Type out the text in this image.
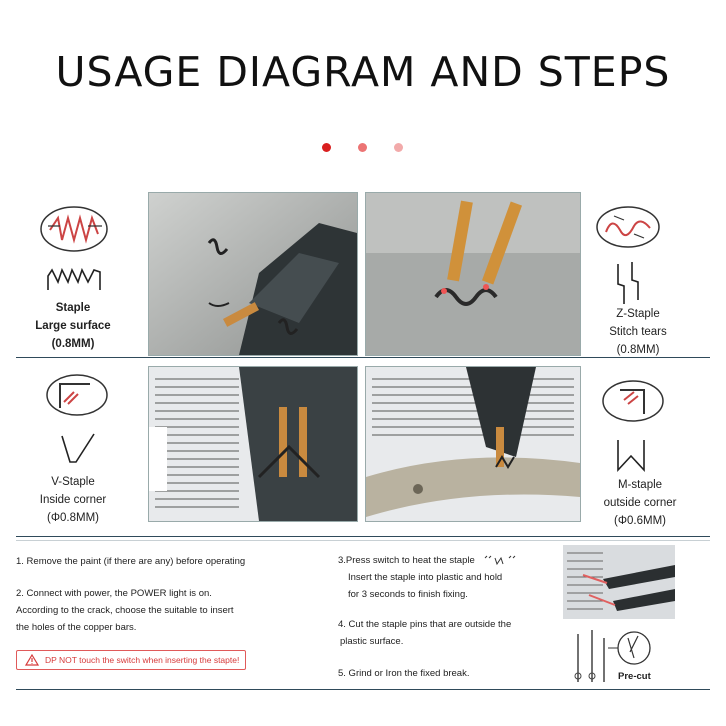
USAGE DIAGRAM AND STEPS
Staple
Large surface
(0.8MM)
Z-Staple
Stitch tears
(0.8MM)
V-Staple
Inside corner
(Φ0.8MM)
M-staple
outside corner
(Φ0.6MM)
1. Remove the paint (if there are any) before operating
2. Connect with power, the POWER light is on.
According to the crack, choose the suitable to insert
the holes of the copper bars.
DP NOT touch the switch when inserting the stapte!
3.Press switch to heat the staple
Insert the staple into plastic and hold
for 3 seconds to finish fixing.
4. Cut the staple pins that are outside the
plastic surface.
5. Grind or Iron the fixed break.	Pre-cut
